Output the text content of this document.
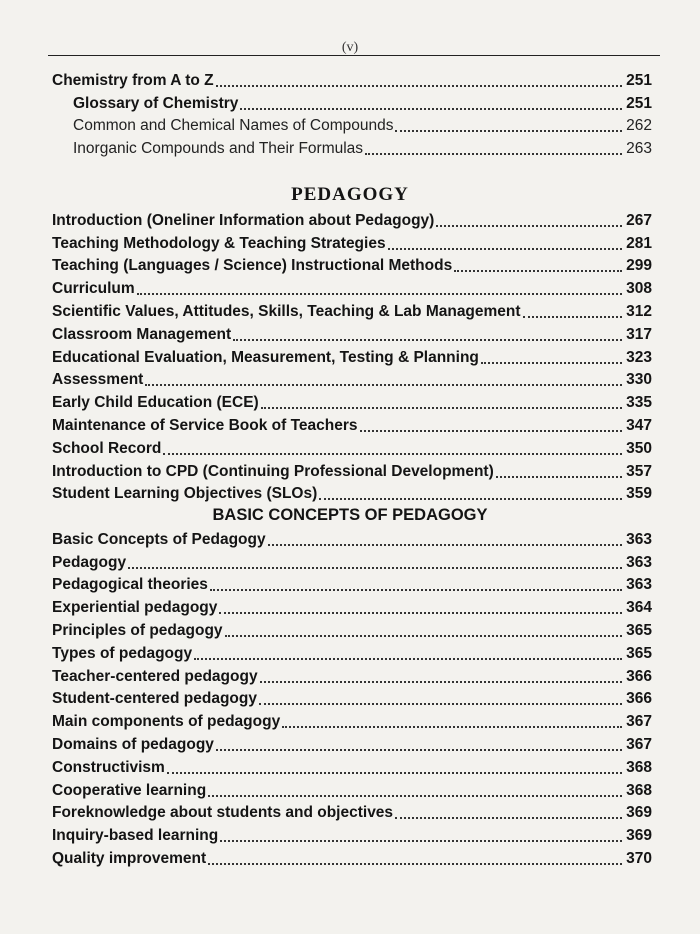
(v)
Chemistry from A to Z	251
Glossary of Chemistry	251
Common and Chemical Names of Compounds	262
Inorganic Compounds and Their Formulas	263
PEDAGOGY
Introduction (Oneliner Information about Pedagogy)	267
Teaching Methodology & Teaching Strategies	281
Teaching (Languages / Science) Instructional Methods	299
Curriculum	308
Scientific Values, Attitudes, Skills, Teaching & Lab Management	312
Classroom Management	317
Educational Evaluation, Measurement, Testing & Planning	323
Assessment	330
Early Child Education (ECE)	335
Maintenance of Service Book of Teachers	347
School Record	350
Introduction to CPD (Continuing Professional Development)	357
Student Learning Objectives (SLOs)	359
BASIC CONCEPTS OF PEDAGOGY
Basic Concepts of Pedagogy	363
Pedagogy	363
Pedagogical theories	363
Experiential pedagogy	364
Principles of pedagogy	365
Types of pedagogy	365
Teacher-centered pedagogy	366
Student-centered pedagogy	366
Main components of pedagogy	367
Domains of pedagogy	367
Constructivism	368
Cooperative learning	368
Foreknowledge about students and objectives	369
Inquiry-based learning	369
Quality improvement	370
